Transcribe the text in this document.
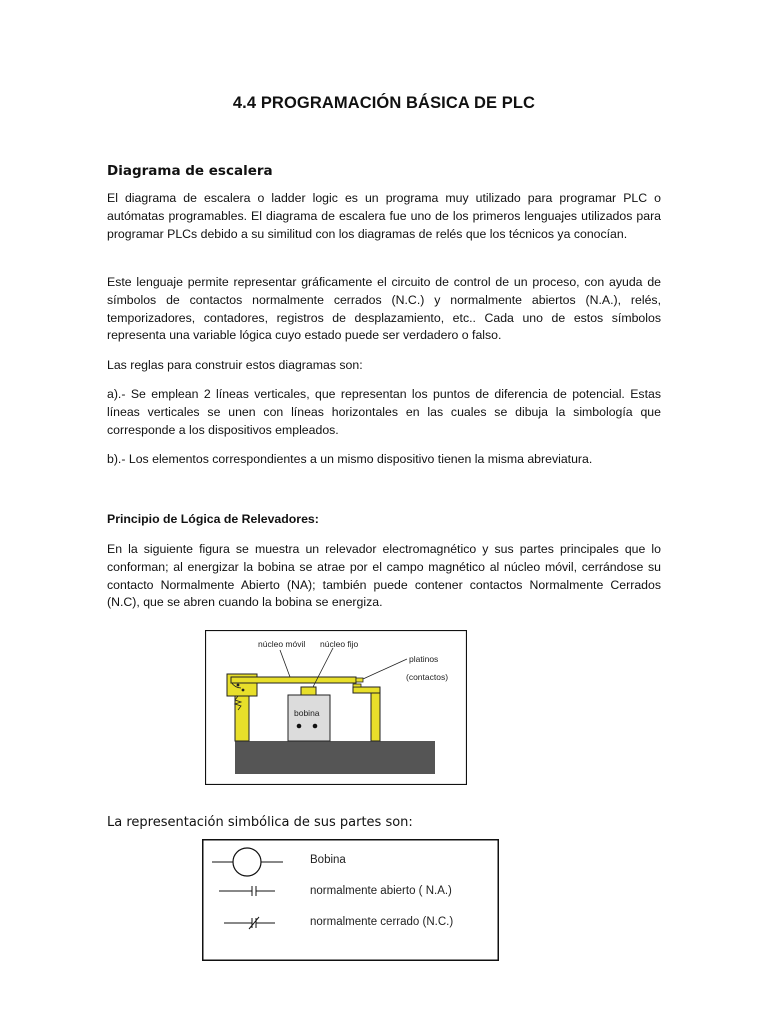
4.4 PROGRAMACIÓN BÁSICA DE PLC
Diagrama de escalera
El diagrama de escalera o ladder logic es un programa muy utilizado para programar PLC o autómatas programables. El diagrama de escalera fue uno de los primeros lenguajes utilizados para programar PLCs debido a su similitud con los diagramas de relés que los técnicos ya conocían.
Este lenguaje permite representar gráficamente el circuito de control de un proceso, con ayuda de símbolos de contactos normalmente cerrados (N.C.) y normalmente abiertos (N.A.), relés, temporizadores, contadores, registros de desplazamiento, etc.. Cada uno de estos símbolos representa una variable lógica cuyo estado puede ser verdadero o falso.
Las reglas para construir estos diagramas son:
a).- Se emplean 2 líneas verticales, que representan los puntos de diferencia de potencial. Estas líneas verticales se unen con líneas horizontales en las cuales se dibuja la simbología que corresponde a los dispositivos empleados.
b).- Los elementos correspondientes a un mismo dispositivo tienen la misma abreviatura.
Principio de Lógica de Relevadores:
En la siguiente figura se muestra un relevador electromagnético y sus partes principales que lo conforman; al energizar la bobina se atrae por el campo magnético al núcleo móvil, cerrándose su contacto Normalmente Abierto (NA); también puede contener contactos Normalmente Cerrados (N.C), que se abren cuando la bobina se energiza.
núcleo móvil núcleo fijo
platinos
(contactos)
bobina
La representación simbólica de sus partes son:
Bobina
normalmente abierto ( N.A.)
normalmente cerrado (N.C.)
